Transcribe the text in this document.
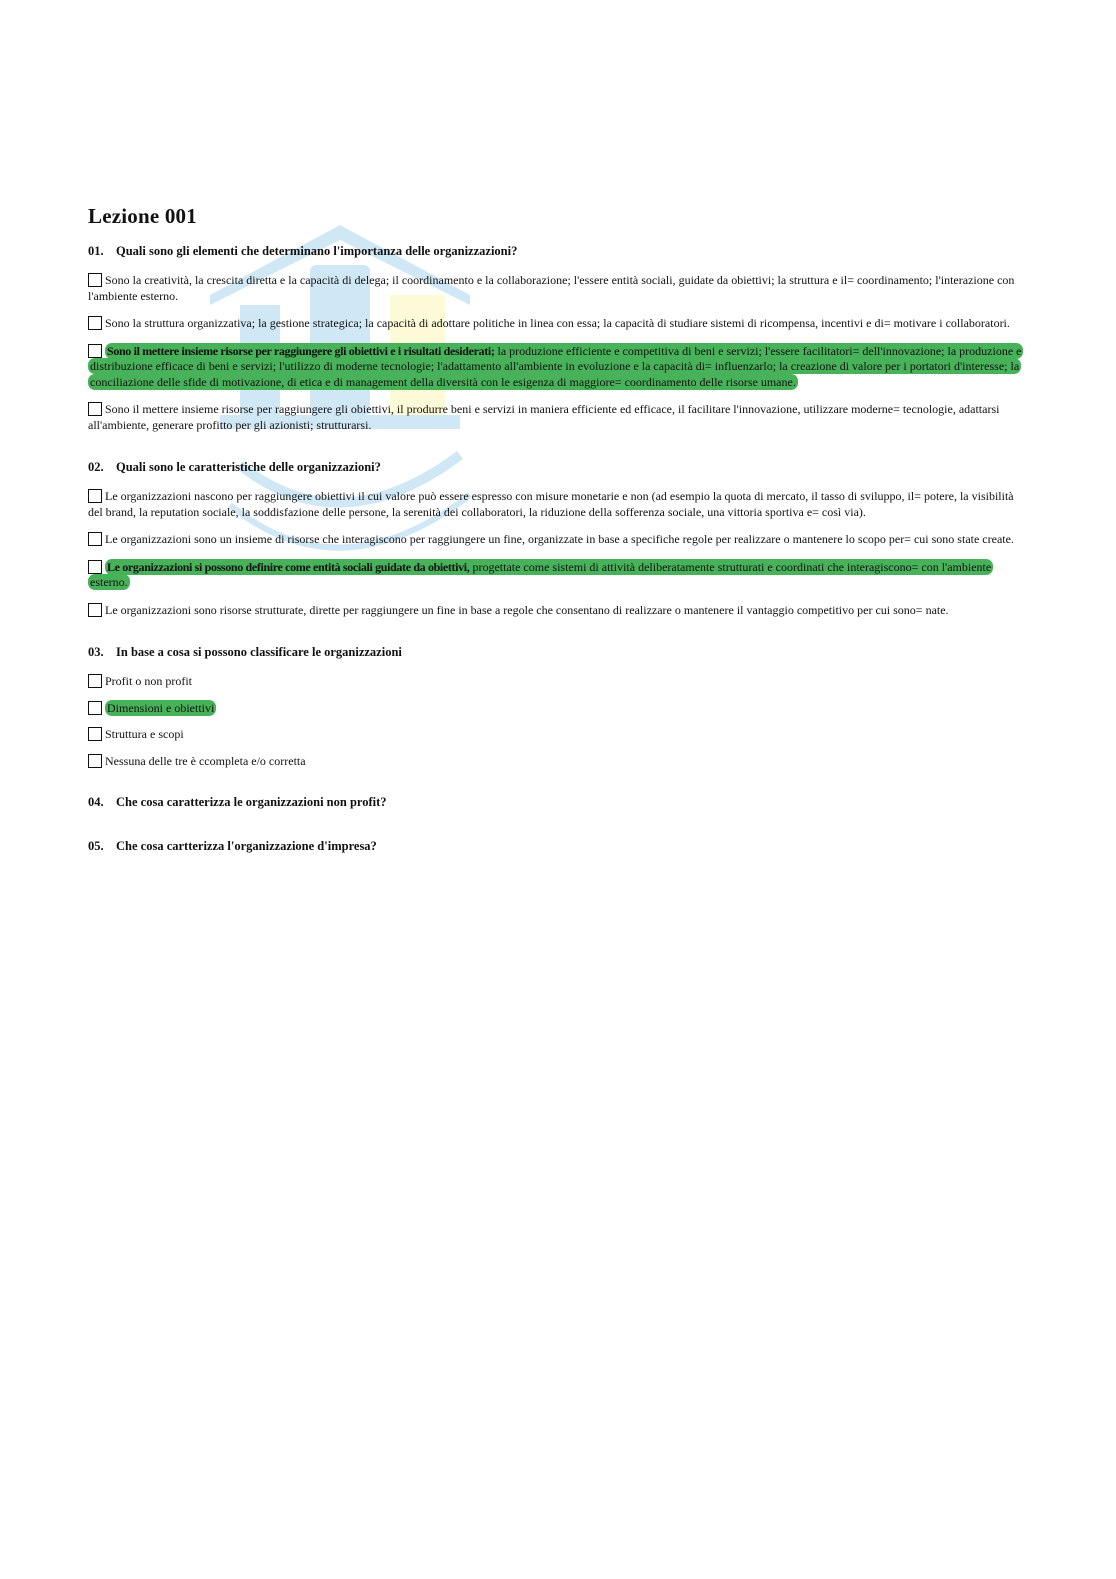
Lezione 001
01. Quali sono gli elementi che determinano l'importanza delle organizzazioni?
Sono la creatività, la crescita diretta e la capacità di delega; il coordinamento e la collaborazione; l'essere entità sociali, guidate da obiettivi; la struttura e il= coordinamento; l'interazione con l'ambiente esterno.
Sono la struttura organizzativa; la gestione strategica; la capacità di adottare politiche in linea con essa; la capacità di studiare sistemi di ricompensa, incentivi e di= motivare i collaboratori.
Sono il mettere insieme risorse per raggiungere gli obiettivi e i risultati desiderati; la produzione efficiente e competitiva di beni e servizi; l'essere facilitatori= dell'innovazione; la produzione e distribuzione efficace di beni e servizi; l'utilizzo di moderne tecnologie; l'adattamento all'ambiente in evoluzione e la capacità di= influenzarlo; la creazione di valore per i portatori d'interesse; la conciliazione delle sfide di motivazione, di etica e di management della diversità con le esigenza di maggiore= coordinamento delle risorse umane.
Sono il mettere insieme risorse per raggiungere gli obiettivi, il produrre beni e servizi in maniera efficiente ed efficace, il facilitare l'innovazione, utilizzare moderne= tecnologie, adattarsi all'ambiente, generare profitto per gli azionisti; strutturarsi.
02. Quali sono le caratteristiche delle organizzazioni?
Le organizzazioni nascono per raggiungere obiettivi il cui valore può essere espresso con misure monetarie e non (ad esempio la quota di mercato, il tasso di sviluppo, il= potere, la visibilità del brand, la reputation sociale, la soddisfazione delle persone, la serenità dei collaboratori, la riduzione della sofferenza sociale, una vittoria sportiva e= così via).
Le organizzazioni sono un insieme di risorse che interagiscono per raggiungere un fine, organizzate in base a specifiche regole per realizzare o mantenere lo scopo per= cui sono state create.
Le organizzazioni si possono definire come entità sociali guidate da obiettivi, progettate come sistemi di attività deliberatamente strutturati e coordinati che interagiscono= con l'ambiente esterno.
Le organizzazioni sono risorse strutturate, dirette per raggiungere un fine in base a regole che consentano di realizzare o mantenere il vantaggio competitivo per cui sono= nate.
03. In base a cosa si possono classificare le organizzazioni
Profit o non profit
Dimensioni e obiettivi
Struttura e scopi
Nessuna delle tre è ccompleta e/o corretta
04. Che cosa caratterizza le organizzazioni non profit?
05. Che cosa cartterizza l'organizzazione d'impresa?
